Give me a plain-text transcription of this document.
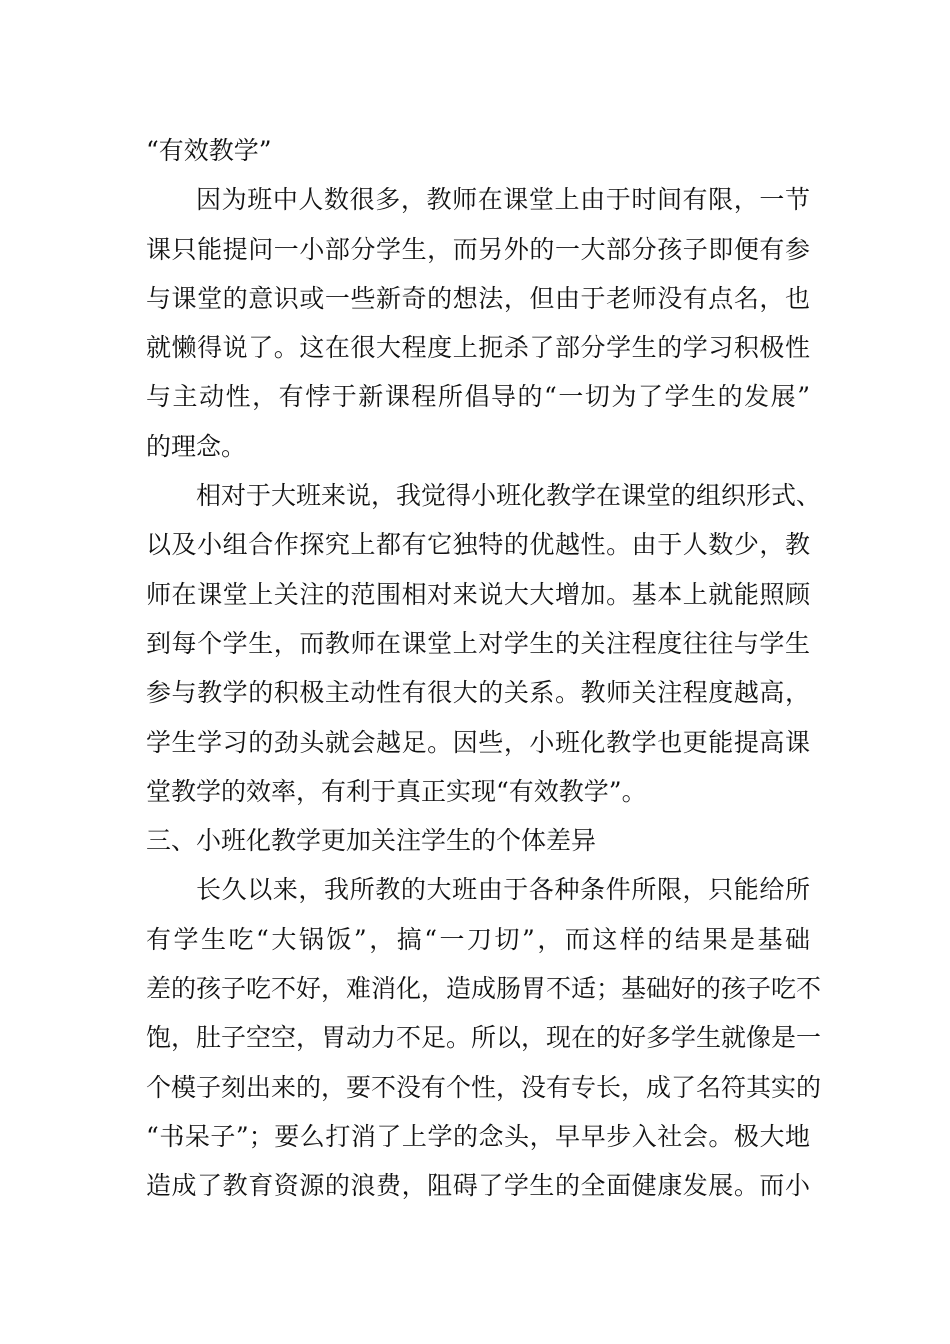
“有效教学”
因为班中人数很多，教师在课堂上由于时间有限，一节
课只能提问一小部分学生，而另外的一大部分孩子即便有参
与课堂的意识或一些新奇的想法，但由于老师没有点名，也
就懒得说了。这在很大程度上扼杀了部分学生的学习积极性
与主动性，有悖于新课程所倡导的“一切为了学生的发展”
的理念。
相对于大班来说，我觉得小班化教学在课堂的组织形式、
以及小组合作探究上都有它独特的优越性。由于人数少，教
师在课堂上关注的范围相对来说大大增加。基本上就能照顾
到每个学生，而教师在课堂上对学生的关注程度往往与学生
参与教学的积极主动性有很大的关系。教师关注程度越高，
学生学习的劲头就会越足。因些，小班化教学也更能提高课
堂教学的效率，有利于真正实现“有效教学”。
三、小班化教学更加关注学生的个体差异
长久以来，我所教的大班由于各种条件所限，只能给所
有学生吃“大锅饭”，搞“一刀切”，而这样的结果是基础
差的孩子吃不好，难消化，造成肠胃不适；基础好的孩子吃不
饱，肚子空空，胃动力不足。所以，现在的好多学生就像是一
个模子刻出来的，要不没有个性，没有专长，成了名符其实的
“书呆子”；要么打消了上学的念头，早早步入社会。极大地
造成了教育资源的浪费，阻碍了学生的全面健康发展。而小
